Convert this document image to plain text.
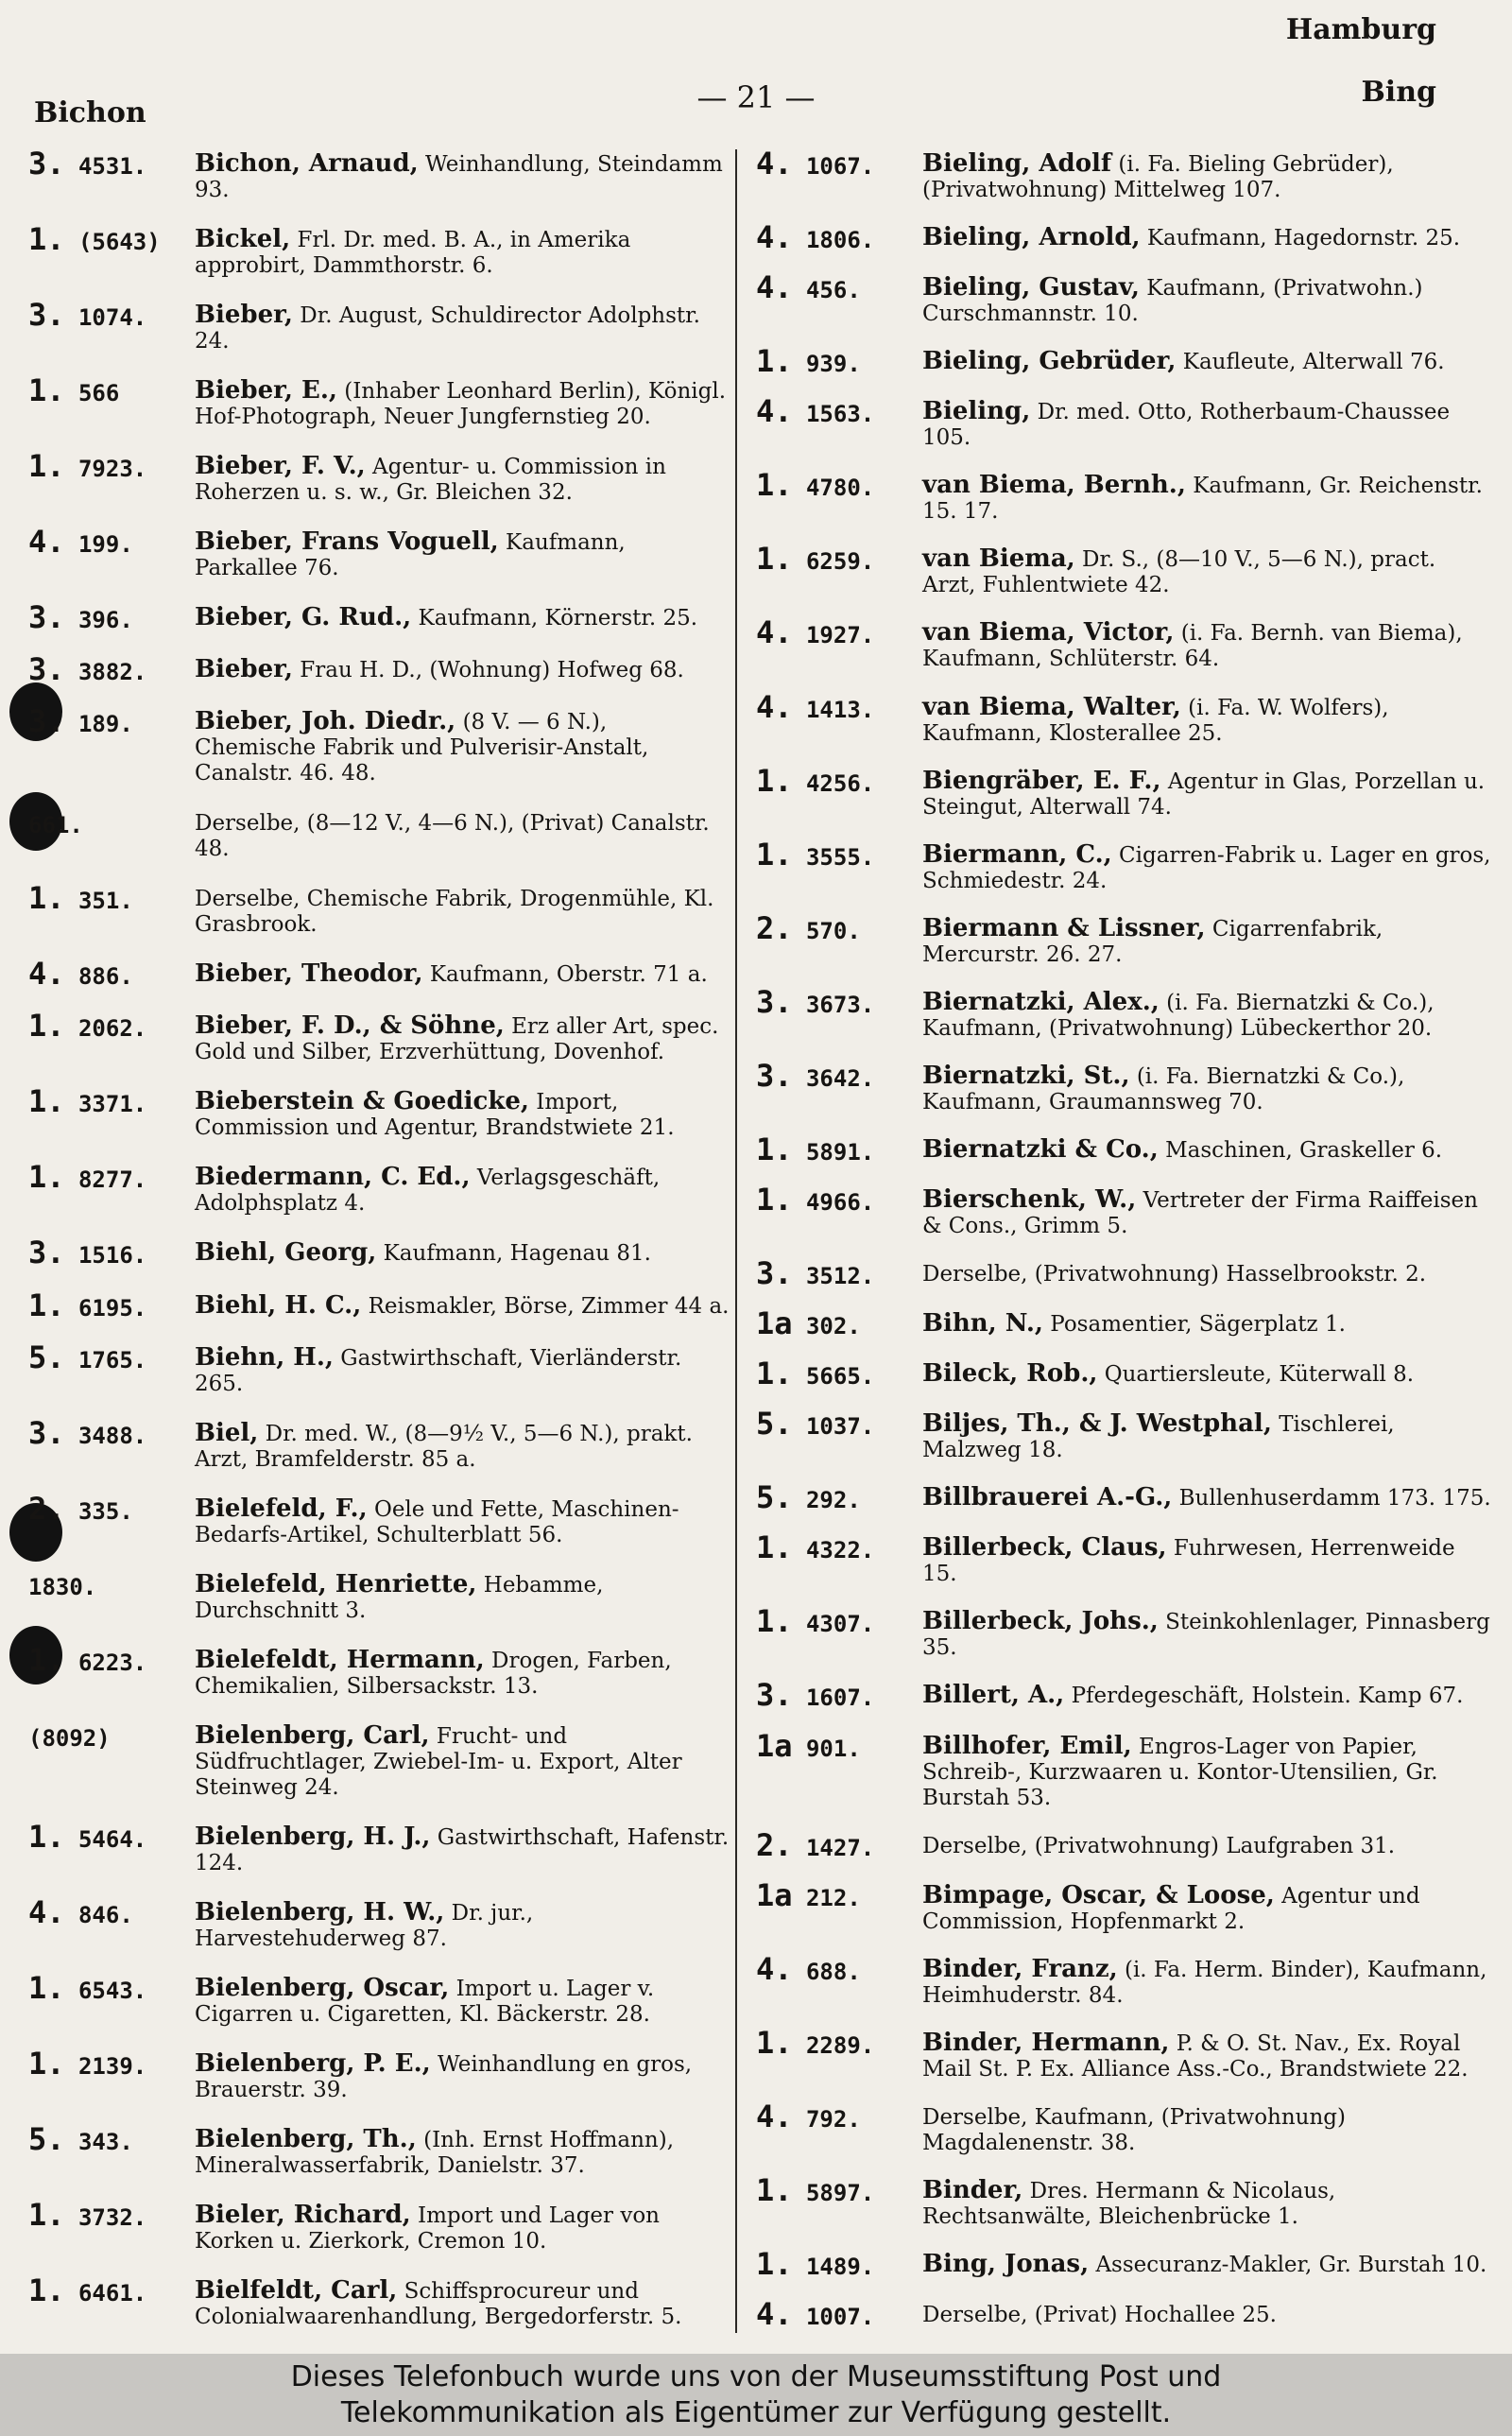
Hamburg
Bichon	— 21 —	Bing
3. 4531.	Bichon, Arnaud, Weinhandlung, Steindamm 93.
1. (5643)	Bickel, Frl. Dr. med. B. A., in Amerika approbirt, Dammthorstr. 6.
3. 1074.	Bieber, Dr. August, Schuldirector Adolphstr. 24.
1. 566	Bieber, E., (Inhaber Leonhard Berlin), Königl. Hof-Photograph, Neuer Jungfernstieg 20.
1. 7923.	Bieber, F. V., Agentur- u. Commission in Roherzen u. s. w., Gr. Bleichen 32.
4. 199.	Bieber, Frans Voguell, Kaufmann, Parkallee 76.
3. 396.	Bieber, G. Rud., Kaufmann, Körnerstr. 25.
3. 3882.	Bieber, Frau H. D., (Wohnung) Hofweg 68.
3. 189.	Bieber, Joh. Diedr., (8 V. — 6 N.), Chemische Fabrik und Pulverisir-Anstalt, Canalstr. 46. 48.
661.	Derselbe, (8—12 V., 4—6 N.), (Privat) Canalstr. 48.
1. 351.	Derselbe, Chemische Fabrik, Drogenmühle, Kl. Grasbrook.
4. 886.	Bieber, Theodor, Kaufmann, Oberstr. 71 a.
1. 2062.	Bieber, F. D., & Söhne, Erz aller Art, spec. Gold und Silber, Erzverhüttung, Dovenhof.
1. 3371.	Bieberstein & Goedicke, Import, Commission und Agentur, Brandstwiete 21.
1. 8277.	Biedermann, C. Ed., Verlagsgeschäft, Adolphsplatz 4.
3. 1516.	Biehl, Georg, Kaufmann, Hagenau 81.
1. 6195.	Biehl, H. C., Reismakler, Börse, Zimmer 44 a.
5. 1765.	Biehn, H., Gastwirthschaft, Vierländerstr. 265.
3. 3488.	Biel, Dr. med. W., (8—9½ V., 5—6 N.), prakt. Arzt, Bramfelderstr. 85 a.
2. 335.	Bielefeld, F., Oele und Fette, Maschinen-Bedarfs-Artikel, Schulterblatt 56.
1830.	Bielefeld, Henriette, Hebamme, Durchschnitt 3.
1. 6223.	Bielefeldt, Hermann, Drogen, Farben, Chemikalien, Silbersackstr. 13.
(8092)	Bielenberg, Carl, Frucht- und Südfruchtlager, Zwiebel-Im- u. Export, Alter Steinweg 24.
1. 5464.	Bielenberg, H. J., Gastwirthschaft, Hafenstr. 124.
4. 846.	Bielenberg, H. W., Dr. jur., Harvestehuderweg 87.
1. 6543.	Bielenberg, Oscar, Import u. Lager v. Cigarren u. Cigaretten, Kl. Bäckerstr. 28.
1. 2139.	Bielenberg, P. E., Weinhandlung en gros, Brauerstr. 39.
5. 343.	Bielenberg, Th., (Inh. Ernst Hoffmann), Mineralwasserfabrik, Danielstr. 37.
1. 3732.	Bieler, Richard, Import und Lager von Korken u. Zierkork, Cremon 10.
1. 6461.	Bielfeldt, Carl, Schiffsprocureur und Colonialwaarenhandlung, Bergedorferstr. 5.
4. 1067.	Bieling, Adolf (i. Fa. Bieling Gebrüder), (Privatwohnung) Mittelweg 107.
4. 1806.	Bieling, Arnold, Kaufmann, Hagedornstr. 25.
4. 456.	Bieling, Gustav, Kaufmann, (Privatwohn.) Curschmannstr. 10.
1. 939.	Bieling, Gebrüder, Kaufleute, Alterwall 76.
4. 1563.	Bieling, Dr. med. Otto, Rotherbaum-Chaussee 105.
1. 4780.	van Biema, Bernh., Kaufmann, Gr. Reichenstr. 15. 17.
1. 6259.	van Biema, Dr. S., (8—10 V., 5—6 N.), pract. Arzt, Fuhlentwiete 42.
4. 1927.	van Biema, Victor, (i. Fa. Bernh. van Biema), Kaufmann, Schlüterstr. 64.
4. 1413.	van Biema, Walter, (i. Fa. W. Wolfers), Kaufmann, Klosterallee 25.
1. 4256.	Biengräber, E. F., Agentur in Glas, Porzellan u. Steingut, Alterwall 74.
1. 3555.	Biermann, C., Cigarren-Fabrik u. Lager en gros, Schmiedestr. 24.
2. 570.	Biermann & Lissner, Cigarrenfabrik, Mercurstr. 26. 27.
3. 3673.	Biernatzki, Alex., (i. Fa. Biernatzki & Co.), Kaufmann, (Privatwohnung) Lübeckerthor 20.
3. 3642.	Biernatzki, St., (i. Fa. Biernatzki & Co.), Kaufmann, Graumannsweg 70.
1. 5891.	Biernatzki & Co., Maschinen, Graskeller 6.
1. 4966.	Bierschenk, W., Vertreter der Firma Raiffeisen & Cons., Grimm 5.
3. 3512.	Derselbe, (Privatwohnung) Hasselbrookstr. 2.
1a 302.	Bihn, N., Posamentier, Sägerplatz 1.
1. 5665.	Bileck, Rob., Quartiersleute, Küterwall 8.
5. 1037.	Biljes, Th., & J. Westphal, Tischlerei, Malzweg 18.
5. 292.	Billbrauerei A.-G., Bullenhuserdamm 173. 175.
1. 4322.	Billerbeck, Claus, Fuhrwesen, Herrenweide 15.
1. 4307.	Billerbeck, Johs., Steinkohlenlager, Pinnasberg 35.
3. 1607.	Billert, A., Pferdegeschäft, Holstein. Kamp 67.
1a 901.	Billhofer, Emil, Engros-Lager von Papier, Schreib-, Kurzwaaren u. Kontor-Utensilien, Gr. Burstah 53.
2. 1427.	Derselbe, (Privatwohnung) Laufgraben 31.
1a 212.	Bimpage, Oscar, & Loose, Agentur und Commission, Hopfenmarkt 2.
4. 688.	Binder, Franz, (i. Fa. Herm. Binder), Kaufmann, Heimhuderstr. 84.
1. 2289.	Binder, Hermann, P. & O. St. Nav., Ex. Royal Mail St. P. Ex. Alliance Ass.-Co., Brandstwiete 22.
4. 792.	Derselbe, Kaufmann, (Privatwohnung) Magdalenenstr. 38.
1. 5897.	Binder, Dres. Hermann & Nicolaus, Rechtsanwälte, Bleichenbrücke 1.
1. 1489.	Bing, Jonas, Assecuranz-Makler, Gr. Burstah 10.
4. 1007.	Derselbe, (Privat) Hochallee 25.
Dieses Telefonbuch wurde uns von der Museumsstiftung Post und
Telekommunikation als Eigentümer zur Verfügung gestellt.
